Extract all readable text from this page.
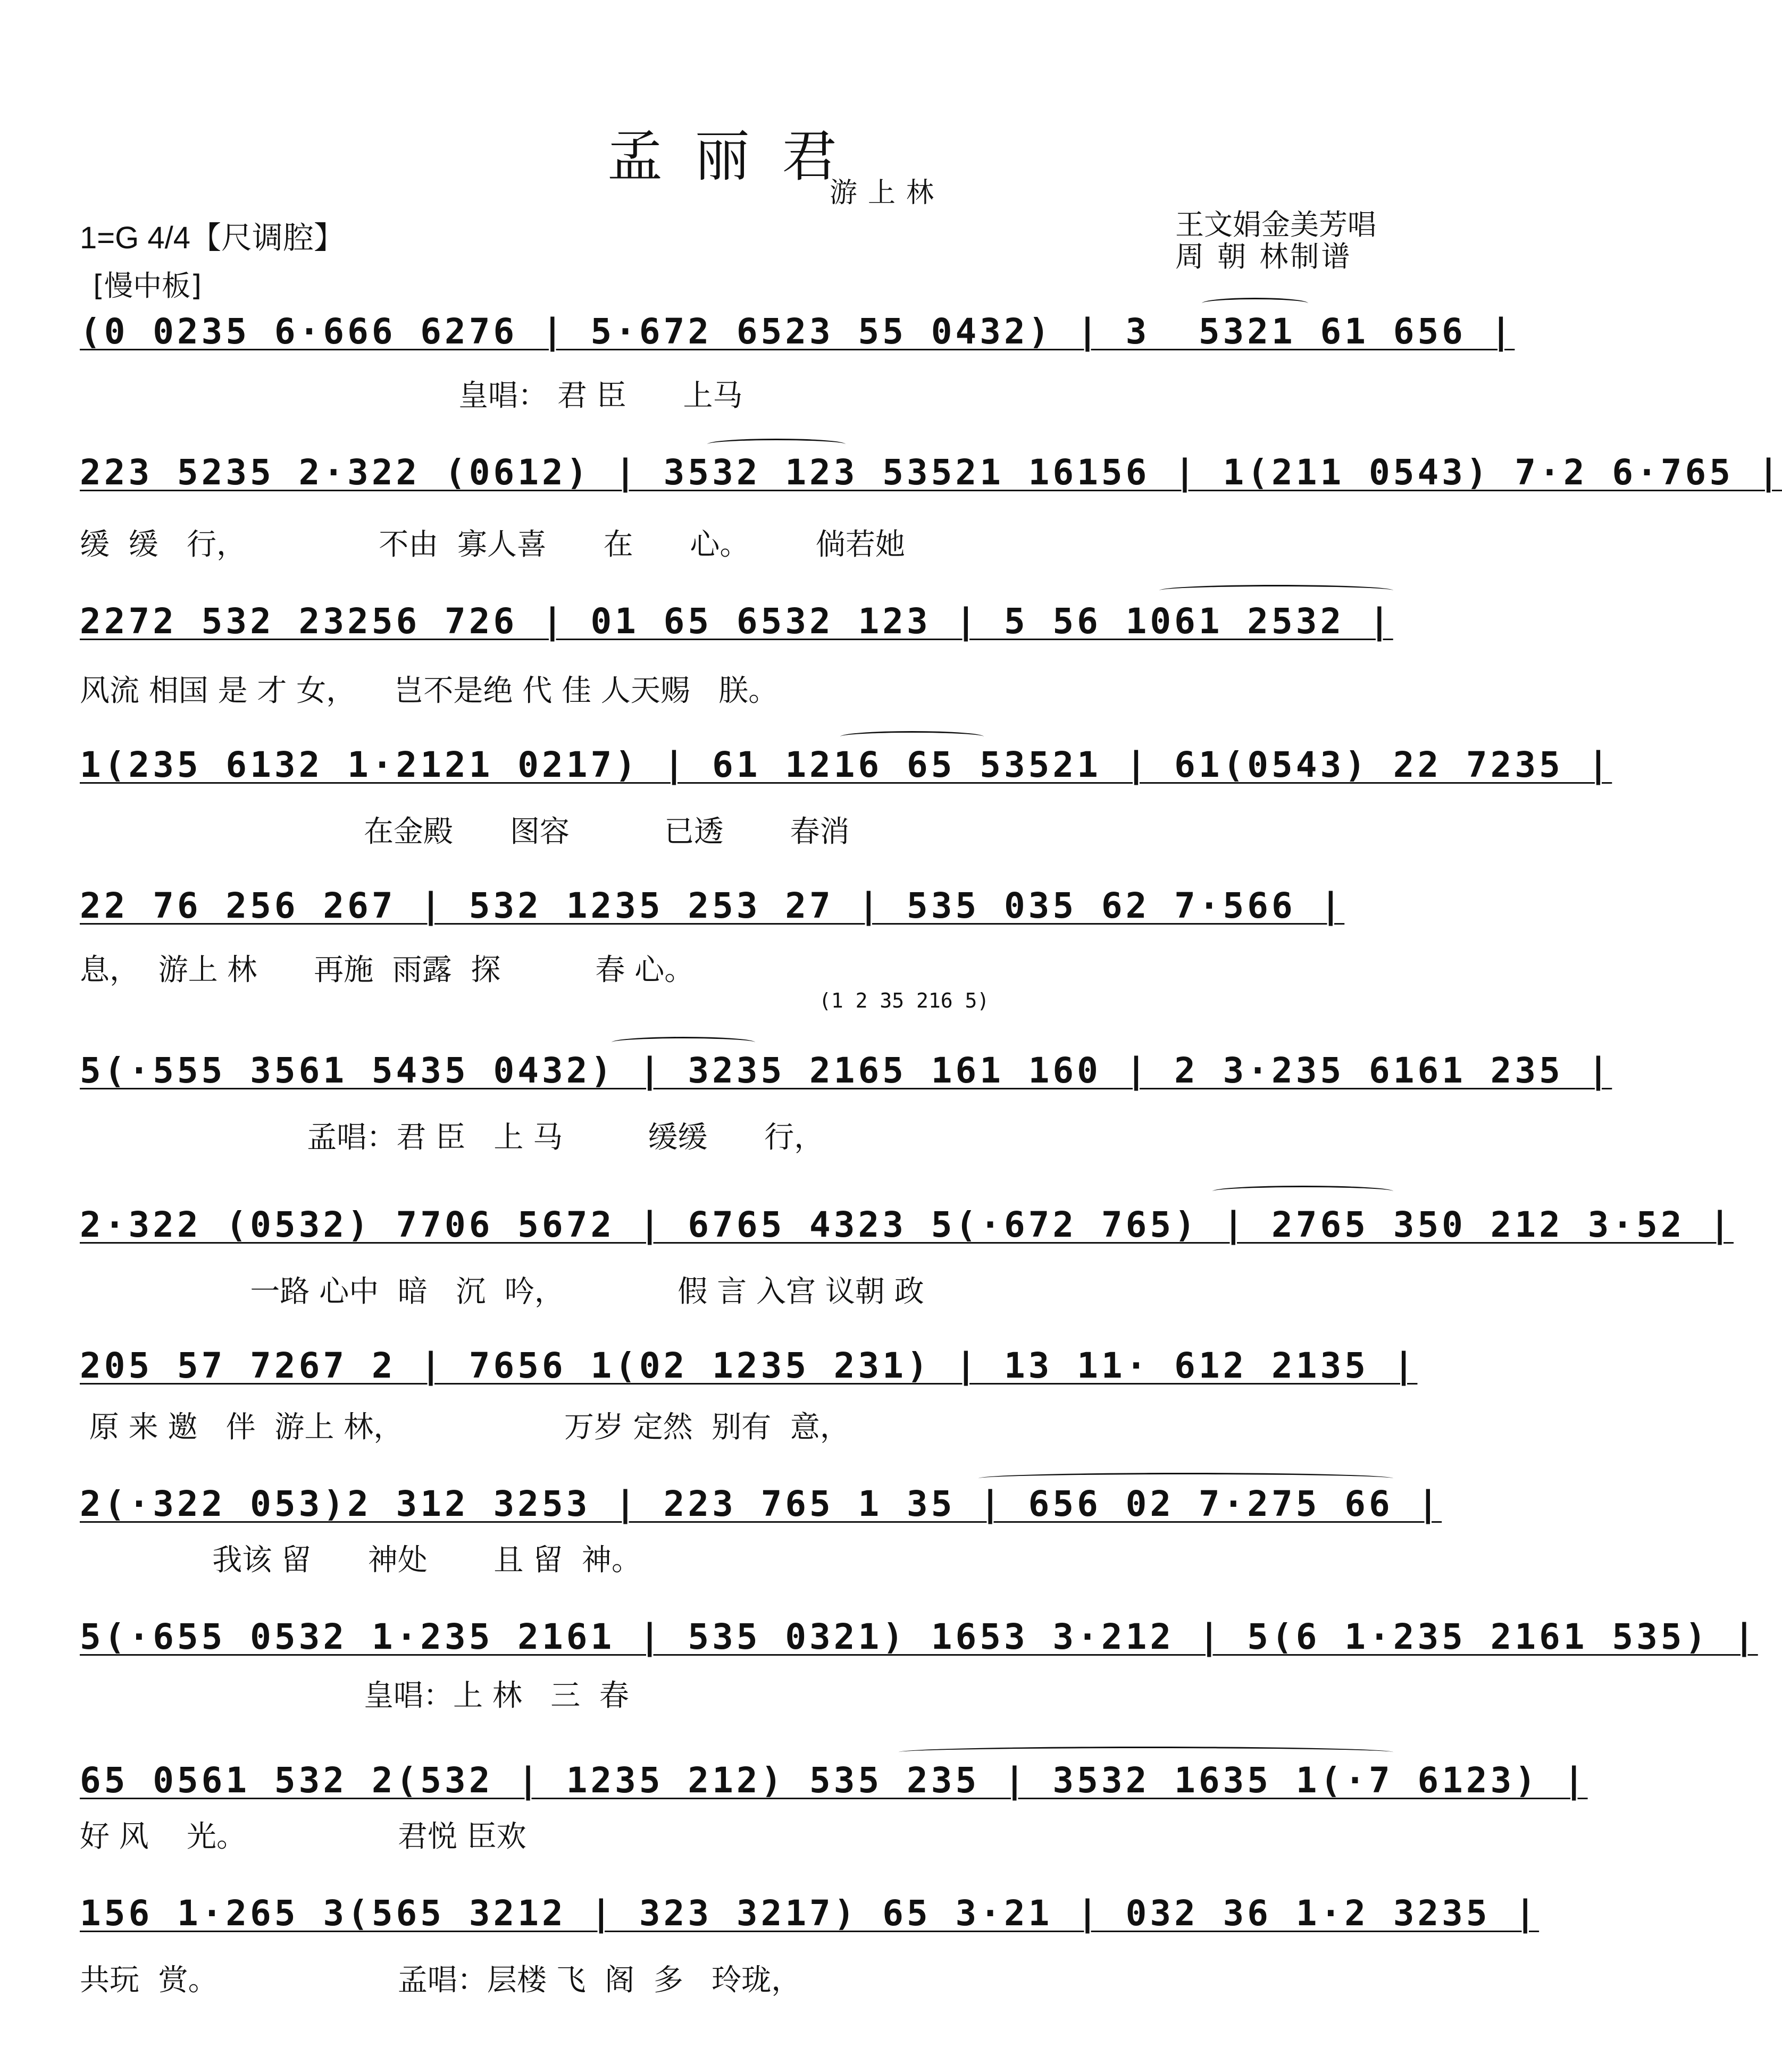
孟丽君
游上林
1=G 4/4【尺调腔】	王文娟金美芳唱
周 朝 林制谱
[慢中板]
(1 2 35 216 5)
(0 0235 6·666 6276 | 5·672 6523 55 0432) | 3  5321 61 656 |
皇唱： 君 臣      上马
223 5235 2·322 (0612) | 3532 123 53521 16156 | 1(211 0543) 7·2 6·765 |
缓  缓   行，              不由  寡人喜      在      心。       倘若她
2272 532 23256 726 | 01 65 6532 123 | 5 56 1061 2532 |
风流 相国 是 才 女，    岂不是绝 代 佳 人天赐   朕。
1(235 6132 1·2121 0217) | 61 1216 65 53521 | 61(0543) 22 7235 |
在金殿      图容          已透       春消
22 76 256 267 | 532 1235 253 27 | 535 035 62 7·566 |
息，  游上 林      再施  雨露  探          春 心。
5(·555 3561 5435 0432) | 3235 2165 161 160 | 2 3·235 6161 235 |
孟唱：君 臣   上 马         缓缓      行，
2·322 (0532) 7706 5672 | 6765 4323 5(·672 765) | 2765 350 212 3·52 |
一路 心中  暗   沉  吟，            假 言 入宫 议朝 政
205 57 7267 2 | 7656 1(02 1235 231) | 13 11· 612 2135 |
原 来 邀   伴  游上 林，                 万岁 定然  别有  意，
2(·322 053)2 312 3253 | 223 765 1 35 | 656 02 7·275 66 |
我该 留      神处       且 留  神。
5(·655 0532 1·235 2161 | 535 0321) 1653 3·212 | 5(6 1·235 2161 535) |
皇唱：上 林   三  春
65 0561 532 2(532 | 1235 212) 535 235 | 3532 1635 1(·7 6123) |
好 风    光。                君悦 臣欢
156 1·265 3(565 3212 | 323 3217) 65 3·21 | 032 36 1·2 3235 |
共玩  赏。                   孟唱：层楼 飞  阁  多   玲珑，
